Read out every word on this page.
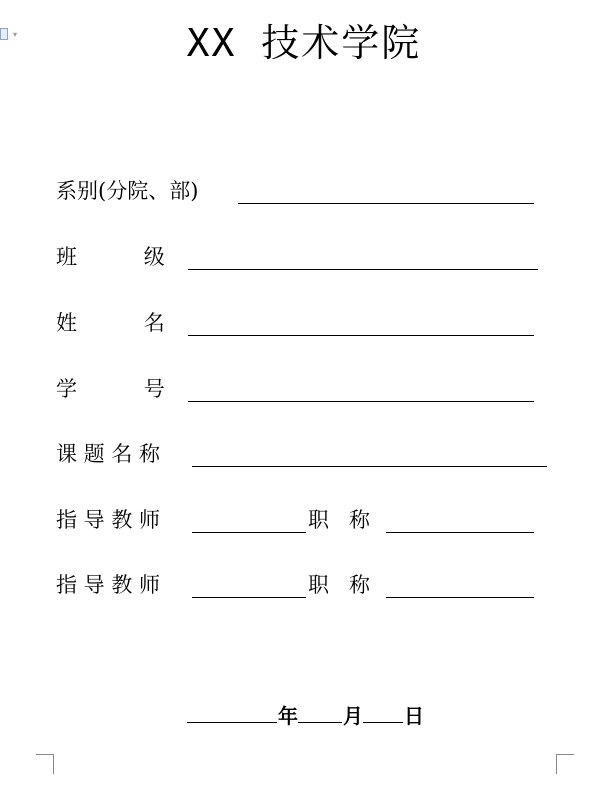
▾	XX 技术学院
系别(分院、部)
班          级
姓          名
学          号
课 题 名 称
指 导 教 师	职   称
指 导 教 师	职   称
年 月 日
